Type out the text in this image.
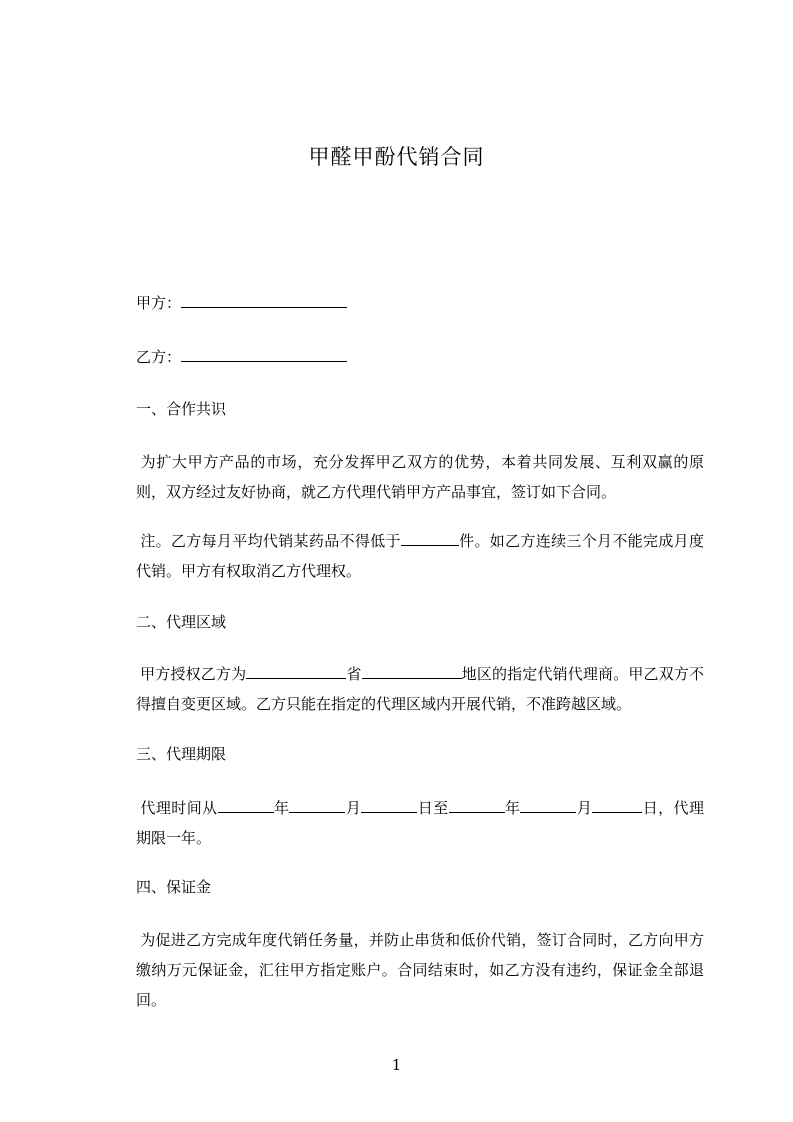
甲醛甲酚代销合同
甲方：
乙方：
一、合作共识

为扩大甲方产品的市场，充分发挥甲乙双方的优势，本着共同发展、互利双赢的原则，双方经过友好协商，就乙方代理代销甲方产品事宜，签订如下合同。

注。乙方每月平均代销某药品不得低于	件。如乙方连续三个月不能完成月度代销。甲方有权取消乙方代理权。

二、代理区域

甲方授权乙方为	省	地区的指定代销代理商。甲乙双方不得擅自变更区域。乙方只能在指定的代理区域内开展代销，不准跨越区域。

三、代理期限

代理时间从	年	月	日至	年	月	日，代理期限一年。

四、保证金

为促进乙方完成年度代销任务量，并防止串货和低价代销，签订合同时，乙方向甲方缴纳万元保证金，汇往甲方指定账户。合同结束时，如乙方没有违约，保证金全部退回。

1
